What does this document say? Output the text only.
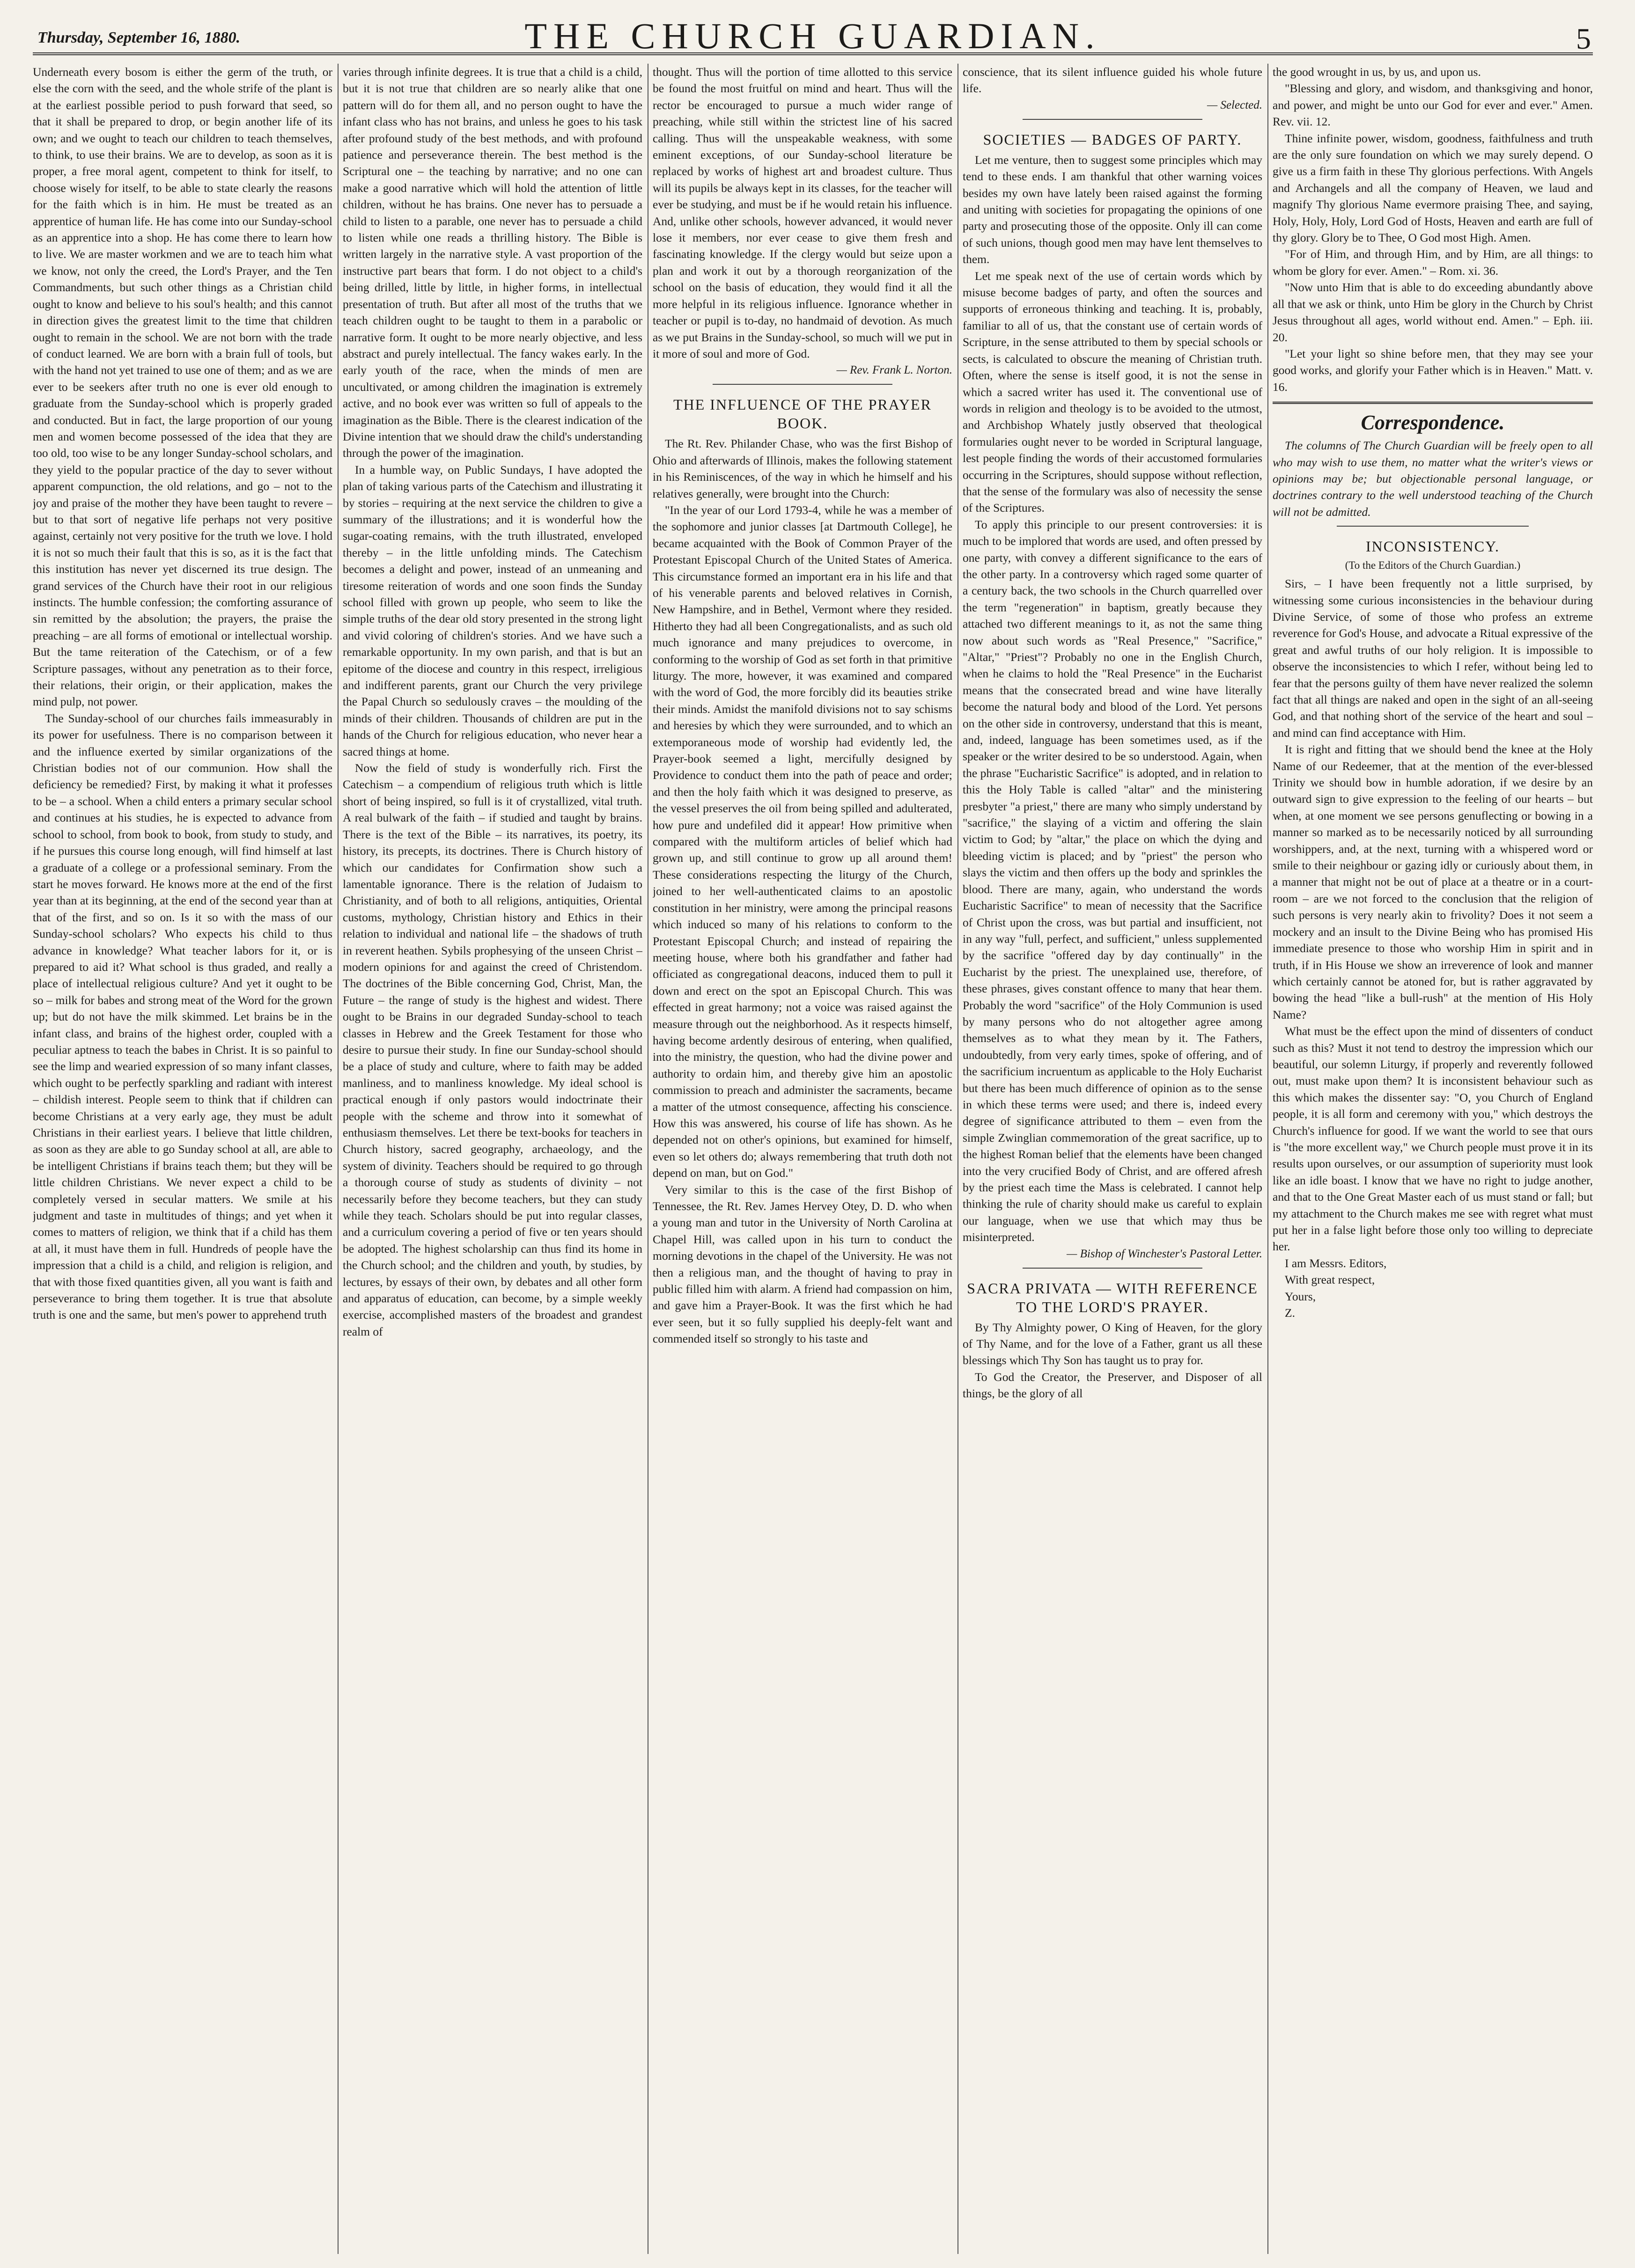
Thursday, September 16, 1880.	THE CHURCH GUARDIAN.	5

Underneath every bosom is either the germ of the truth, or else the corn with the seed, and the whole strife of the plant is at the earliest possible period to push forward that seed, so that it shall be prepared to drop, or begin another life of its own; and we ought to teach our children to teach themselves, to think, to use their brains. We are to develop, as soon as it is proper, a free moral agent, competent to think for itself, to choose wisely for itself, to be able to state clearly the reasons for the faith which is in him. He must be treated as an apprentice of human life. He has come into our Sunday-school as an apprentice into a shop. He has come there to learn how to live. We are master workmen and we are to teach him what we know, not only the creed, the Lord's Prayer, and the Ten Commandments, but such other things as a Christian child ought to know and believe to his soul's health; and this cannot in direction gives the greatest limit to the time that children ought to remain in the school. We are not born with the trade of conduct learned. We are born with a brain full of tools, but with the hand not yet trained to use one of them; and as we are ever to be seekers after truth no one is ever old enough to graduate from the Sunday-school which is properly graded and conducted. But in fact, the large proportion of our young men and women become possessed of the idea that they are too old, too wise to be any longer Sunday-school scholars, and they yield to the popular practice of the day to sever without apparent compunction, the old relations, and go – not to the joy and praise of the mother they have been taught to revere – but to that sort of negative life perhaps not very positive against, certainly not very positive for the truth we love. I hold it is not so much their fault that this is so, as it is the fact that this institution has never yet discerned its true design. The grand services of the Church have their root in our religious instincts. The humble confession; the comforting assurance of sin remitted by the absolution; the prayers, the praise the preaching – are all forms of emotional or intellectual worship. But the tame reiteration of the Catechism, or of a few Scripture passages, without any penetration as to their force, their relations, their origin, or their application, makes the mind pulp, not power.

The Sunday-school of our churches fails immeasurably in its power for usefulness. There is no comparison between it and the influence exerted by similar organizations of the Christian bodies not of our communion. How shall the deficiency be remedied? First, by making it what it professes to be – a school. When a child enters a primary secular school and continues at his studies, he is expected to advance from school to school, from book to book, from study to study, and if he pursues this course long enough, will find himself at last a graduate of a college or a professional seminary. From the start he moves forward. He knows more at the end of the first year than at its beginning, at the end of the second year than at that of the first, and so on. Is it so with the mass of our Sunday-school scholars? Who expects his child to thus advance in knowledge? What teacher labors for it, or is prepared to aid it? What school is thus graded, and really a place of intellectual religious culture? And yet it ought to be so – milk for babes and strong meat of the Word for the grown up; but do not have the milk skimmed. Let brains be in the infant class, and brains of the highest order, coupled with a peculiar aptness to teach the babes in Christ. It is so painful to see the limp and wearied expression of so many infant classes, which ought to be perfectly sparkling and radiant with interest – childish interest. People seem to think that if children can become Christians at a very early age, they must be adult Christians in their earliest years. I believe that little children, as soon as they are able to go Sunday school at all, are able to be intelligent Christians if brains teach them; but they will be little children Christians. We never expect a child to be completely versed in secular matters. We smile at his judgment and taste in multitudes of things; and yet when it comes to matters of religion, we think that if a child has them at all, it must have them in full. Hundreds of people have the impression that a child is a child, and religion is religion, and that with those fixed quantities given, all you want is faith and perseverance to bring them together. It is true that absolute truth is one and the same, but men's power to apprehend truth

varies through infinite degrees. It is true that a child is a child, but it is not true that children are so nearly alike that one pattern will do for them all, and no person ought to have the infant class who has not brains, and unless he goes to his task after profound study of the best methods, and with profound patience and perseverance therein. The best method is the Scriptural one – the teaching by narrative; and no one can make a good narrative which will hold the attention of little children, without he has brains. One never has to persuade a child to listen to a parable, one never has to persuade a child to listen while one reads a thrilling history. The Bible is written largely in the narrative style. A vast proportion of the instructive part bears that form. I do not object to a child's being drilled, little by little, in higher forms, in intellectual presentation of truth. But after all most of the truths that we teach children ought to be taught to them in a parabolic or narrative form. It ought to be more nearly objective, and less abstract and purely intellectual. The fancy wakes early. In the early youth of the race, when the minds of men are uncultivated, or among children the imagination is extremely active, and no book ever was written so full of appeals to the imagination as the Bible. There is the clearest indication of the Divine intention that we should draw the child's understanding through the power of the imagination.

In a humble way, on Public Sundays, I have adopted the plan of taking various parts of the Catechism and illustrating it by stories – requiring at the next service the children to give a summary of the illustrations; and it is wonderful how the sugar-coating remains, with the truth illustrated, enveloped thereby – in the little unfolding minds. The Catechism becomes a delight and power, instead of an unmeaning and tiresome reiteration of words and one soon finds the Sunday school filled with grown up people, who seem to like the simple truths of the dear old story presented in the strong light and vivid coloring of children's stories. And we have such a remarkable opportunity. In my own parish, and that is but an epitome of the diocese and country in this respect, irreligious and indifferent parents, grant our Church the very privilege the Papal Church so sedulously craves – the moulding of the minds of their children. Thousands of children are put in the hands of the Church for religious education, who never hear a sacred things at home.

Now the field of study is wonderfully rich. First the Catechism – a compendium of religious truth which is little short of being inspired, so full is it of crystallized, vital truth. A real bulwark of the faith – if studied and taught by brains. There is the text of the Bible – its narratives, its poetry, its history, its precepts, its doctrines. There is Church history of which our candidates for Confirmation show such a lamentable ignorance. There is the relation of Judaism to Christianity, and of both to all religions, antiquities, Oriental customs, mythology, Christian history and Ethics in their relation to individual and national life – the shadows of truth in reverent heathen. Sybils prophesying of the unseen Christ – modern opinions for and against the creed of Christendom. The doctrines of the Bible concerning God, Christ, Man, the Future – the range of study is the highest and widest. There ought to be Brains in our degraded Sunday-school to teach classes in Hebrew and the Greek Testament for those who desire to pursue their study. In fine our Sunday-school should be a place of study and culture, where to faith may be added manliness, and to manliness knowledge. My ideal school is practical enough if only pastors would indoctrinate their people with the scheme and throw into it somewhat of enthusiasm themselves. Let there be text-books for teachers in Church history, sacred geography, archaeology, and the system of divinity. Teachers should be required to go through a thorough course of study as students of divinity – not necessarily before they become teachers, but they can study while they teach. Scholars should be put into regular classes, and a curriculum covering a period of five or ten years should be adopted. The highest scholarship can thus find its home in the Church school; and the children and youth, by studies, by lectures, by essays of their own, by debates and all other form and apparatus of education, can become, by a simple weekly exercise, accomplished masters of the broadest and grandest realm of

thought. Thus will the portion of time allotted to this service be found the most fruitful on mind and heart. Thus will the rector be encouraged to pursue a much wider range of preaching, while still within the strictest line of his sacred calling. Thus will the unspeakable weakness, with some eminent exceptions, of our Sunday-school literature be replaced by works of highest art and broadest culture. Thus will its pupils be always kept in its classes, for the teacher will ever be studying, and must be if he would retain his influence. And, unlike other schools, however advanced, it would never lose it members, nor ever cease to give them fresh and fascinating knowledge. If the clergy would but seize upon a plan and work it out by a thorough reorganization of the school on the basis of education, they would find it all the more helpful in its religious influence. Ignorance whether in teacher or pupil is to-day, no handmaid of devotion. As much as we put Brains in the Sunday-school, so much will we put in it more of soul and more of God.

— Rev. Frank L. Norton.
THE INFLUENCE OF THE PRAYER BOOK.

The Rt. Rev. Philander Chase, who was the first Bishop of Ohio and afterwards of Illinois, makes the following statement in his Reminiscences, of the way in which he himself and his relatives generally, were brought into the Church:

"In the year of our Lord 1793-4, while he was a member of the sophomore and junior classes [at Dartmouth College], he became acquainted with the Book of Common Prayer of the Protestant Episcopal Church of the United States of America. This circumstance formed an important era in his life and that of his venerable parents and beloved relatives in Cornish, New Hampshire, and in Bethel, Vermont where they resided. Hitherto they had all been Congregationalists, and as such old much ignorance and many prejudices to overcome, in conforming to the worship of God as set forth in that primitive liturgy. The more, however, it was examined and compared with the word of God, the more forcibly did its beauties strike their minds. Amidst the manifold divisions not to say schisms and heresies by which they were surrounded, and to which an extemporaneous mode of worship had evidently led, the Prayer-book seemed a light, mercifully designed by Providence to conduct them into the path of peace and order; and then the holy faith which it was designed to preserve, as the vessel preserves the oil from being spilled and adulterated, how pure and undefiled did it appear! How primitive when compared with the multiform articles of belief which had grown up, and still continue to grow up all around them! These considerations respecting the liturgy of the Church, joined to her well-authenticated claims to an apostolic constitution in her ministry, were among the principal reasons which induced so many of his relations to conform to the Protestant Episcopal Church; and instead of repairing the meeting house, where both his grandfather and father had officiated as congregational deacons, induced them to pull it down and erect on the spot an Episcopal Church. This was effected in great harmony; not a voice was raised against the measure through out the neighborhood. As it respects himself, having become ardently desirous of entering, when qualified, into the ministry, the question, who had the divine power and authority to ordain him, and thereby give him an apostolic commission to preach and administer the sacraments, became a matter of the utmost consequence, affecting his conscience. How this was answered, his course of life has shown. As he depended not on other's opinions, but examined for himself, even so let others do; always remembering that truth doth not depend on man, but on God."

Very similar to this is the case of the first Bishop of Tennessee, the Rt. Rev. James Hervey Otey, D. D. who when a young man and tutor in the University of North Carolina at Chapel Hill, was called upon in his turn to conduct the morning devotions in the chapel of the University. He was not then a religious man, and the thought of having to pray in public filled him with alarm. A friend had compassion on him, and gave him a Prayer-Book. It was the first which he had ever seen, but it so fully supplied his deeply-felt want and commended itself so strongly to his taste and

conscience, that its silent influence guided his whole future life.

— Selected.
SOCIETIES — BADGES OF PARTY.

Let me venture, then to suggest some principles which may tend to these ends. I am thankful that other warning voices besides my own have lately been raised against the forming and uniting with societies for propagating the opinions of one party and prosecuting those of the opposite. Only ill can come of such unions, though good men may have lent themselves to them.

Let me speak next of the use of certain words which by misuse become badges of party, and often the sources and supports of erroneous thinking and teaching. It is, probably, familiar to all of us, that the constant use of certain words of Scripture, in the sense attributed to them by special schools or sects, is calculated to obscure the meaning of Christian truth. Often, where the sense is itself good, it is not the sense in which a sacred writer has used it. The conventional use of words in religion and theology is to be avoided to the utmost, and Archbishop Whately justly observed that theological formularies ought never to be worded in Scriptural language, lest people finding the words of their accustomed formularies occurring in the Scriptures, should suppose without reflection, that the sense of the formulary was also of necessity the sense of the Scriptures.

To apply this principle to our present controversies: it is much to be implored that words are used, and often pressed by one party, with convey a different significance to the ears of the other party. In a controversy which raged some quarter of a century back, the two schools in the Church quarrelled over the term "regeneration" in baptism, greatly because they attached two different meanings to it, as not the same thing now about such words as "Real Presence," "Sacrifice," "Altar," "Priest"? Probably no one in the English Church, when he claims to hold the "Real Presence" in the Eucharist means that the consecrated bread and wine have literally become the natural body and blood of the Lord. Yet persons on the other side in controversy, understand that this is meant, and, indeed, language has been sometimes used, as if the speaker or the writer desired to be so understood. Again, when the phrase "Eucharistic Sacrifice" is adopted, and in relation to this the Holy Table is called "altar" and the ministering presbyter "a priest," there are many who simply understand by "sacrifice," the slaying of a victim and offering the slain victim to God; by "altar," the place on which the dying and bleeding victim is placed; and by "priest" the person who slays the victim and then offers up the body and sprinkles the blood. There are many, again, who understand the words Eucharistic Sacrifice" to mean of necessity that the Sacrifice of Christ upon the cross, was but partial and insufficient, not in any way "full, perfect, and sufficient," unless supplemented by the sacrifice "offered day by day continually" in the Eucharist by the priest. The unexplained use, therefore, of these phrases, gives constant offence to many that hear them. Probably the word "sacrifice" of the Holy Communion is used by many persons who do not altogether agree among themselves as to what they mean by it. The Fathers, undoubtedly, from very early times, spoke of offering, and of the sacrificium incruentum as applicable to the Holy Eucharist but there has been much difference of opinion as to the sense in which these terms were used; and there is, indeed every degree of significance attributed to them – even from the simple Zwinglian commemoration of the great sacrifice, up to the highest Roman belief that the elements have been changed into the very crucified Body of Christ, and are offered afresh by the priest each time the Mass is celebrated. I cannot help thinking the rule of charity should make us careful to explain our language, when we use that which may thus be misinterpreted.

— Bishop of Winchester's Pastoral Letter.
SACRA PRIVATA — WITH REFERENCE TO THE LORD'S PRAYER.

By Thy Almighty power, O King of Heaven, for the glory of Thy Name, and for the love of a Father, grant us all these blessings which Thy Son has taught us to pray for.

To God the Creator, the Preserver, and Disposer of all things, be the glory of all

the good wrought in us, by us, and upon us.

"Blessing and glory, and wisdom, and thanksgiving and honor, and power, and might be unto our God for ever and ever." Amen. Rev. vii. 12.

Thine infinite power, wisdom, goodness, faithfulness and truth are the only sure foundation on which we may surely depend. O give us a firm faith in these Thy glorious perfections. With Angels and Archangels and all the company of Heaven, we laud and magnify Thy glorious Name evermore praising Thee, and saying, Holy, Holy, Holy, Lord God of Hosts, Heaven and earth are full of thy glory. Glory be to Thee, O God most High. Amen.

"For of Him, and through Him, and by Him, are all things: to whom be glory for ever. Amen." – Rom. xi. 36.

"Now unto Him that is able to do exceeding abundantly above all that we ask or think, unto Him be glory in the Church by Christ Jesus throughout all ages, world without end. Amen." – Eph. iii. 20.

"Let your light so shine before men, that they may see your good works, and glorify your Father which is in Heaven." Matt. v. 16.

Correspondence.

The columns of The Church Guardian will be freely open to all who may wish to use them, no matter what the writer's views or opinions may be; but objectionable personal language, or doctrines contrary to the well understood teaching of the Church will not be admitted.

INCONSISTENCY.
(To the Editors of the Church Guardian.)

Sirs, – I have been frequently not a little surprised, by witnessing some curious inconsistencies in the behaviour during Divine Service, of some of those who profess an extreme reverence for God's House, and advocate a Ritual expressive of the great and awful truths of our holy religion. It is impossible to observe the inconsistencies to which I refer, without being led to fear that the persons guilty of them have never realized the solemn fact that all things are naked and open in the sight of an all-seeing God, and that nothing short of the service of the heart and soul – and mind can find acceptance with Him.

It is right and fitting that we should bend the knee at the Holy Name of our Redeemer, that at the mention of the ever-blessed Trinity we should bow in humble adoration, if we desire by an outward sign to give expression to the feeling of our hearts – but when, at one moment we see persons genuflecting or bowing in a manner so marked as to be necessarily noticed by all surrounding worshippers, and, at the next, turning with a whispered word or smile to their neighbour or gazing idly or curiously about them, in a manner that might not be out of place at a theatre or in a court-room – are we not forced to the conclusion that the religion of such persons is very nearly akin to frivolity? Does it not seem a mockery and an insult to the Divine Being who has promised His immediate presence to those who worship Him in spirit and in truth, if in His House we show an irreverence of look and manner which certainly cannot be atoned for, but is rather aggravated by bowing the head "like a bull-rush" at the mention of His Holy Name?

What must be the effect upon the mind of dissenters of conduct such as this? Must it not tend to destroy the impression which our beautiful, our solemn Liturgy, if properly and reverently followed out, must make upon them? It is inconsistent behaviour such as this which makes the dissenter say: "O, you Church of England people, it is all form and ceremony with you," which destroys the Church's influence for good. If we want the world to see that ours is "the more excellent way," we Church people must prove it in its results upon ourselves, or our assumption of superiority must look like an idle boast. I know that we have no right to judge another, and that to the One Great Master each of us must stand or fall; but my attachment to the Church makes me see with regret what must put her in a false light before those only too willing to depreciate her.

I am Messrs. Editors,

With great respect,

Yours,

Z.
